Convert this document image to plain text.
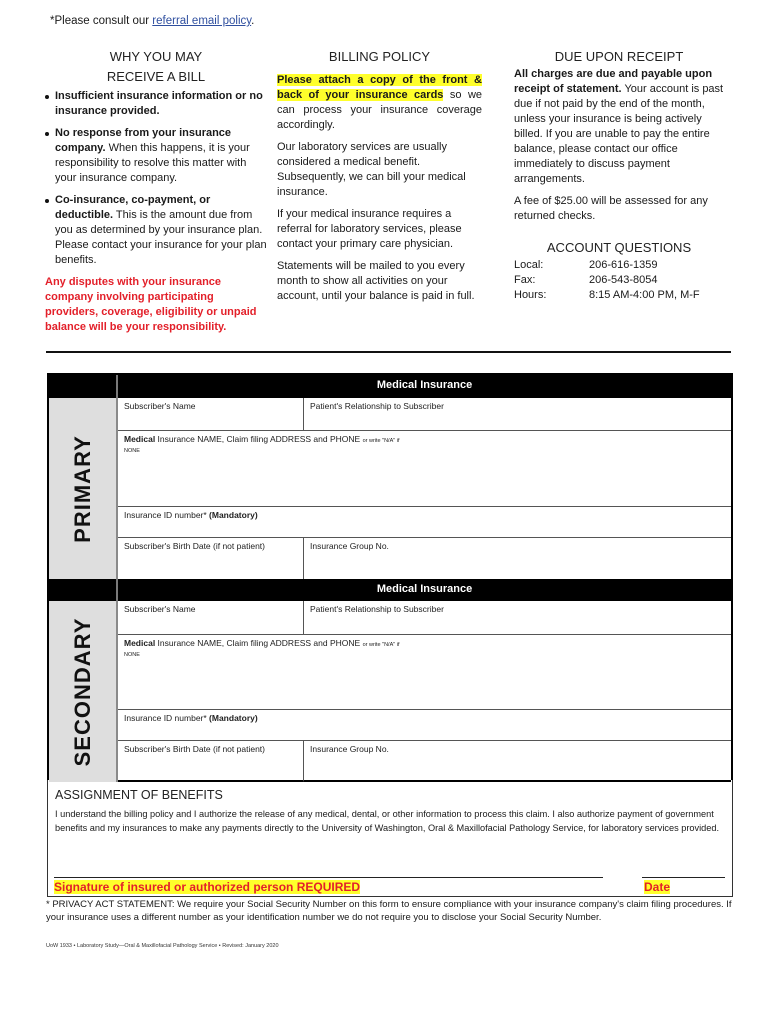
*Please consult our referral email policy.
WHY YOU MAY
RECEIVE A BILL
Insufficient insurance information or no insurance provided.
No response from your insurance company. When this happens, it is your responsibility to resolve this matter with your insurance company.
Co-insurance, co-payment, or deductible. This is the amount due from you as determined by your insurance plan. Please contact your insurance for your plan benefits.
Any disputes with your insurance company involving participating providers, coverage, eligibility or unpaid balance will be your responsibility.
BILLING POLICY

Please attach a copy of the front & back of your insurance cards so we can process your insurance coverage accordingly.

Our laboratory services are usually considered a medical benefit. Subsequently, we can bill your medical insurance.

If your medical insurance requires a referral for laboratory services, please contact your primary care physician.

Statements will be mailed to you every month to show all activities on your account, until your balance is paid in full.

DUE UPON RECEIPT

All charges are due and payable upon receipt of statement. Your account is past due if not paid by the end of the month, unless your insurance is being actively billed. If you are unable to pay the entire balance, please contact our office immediately to discuss payment arrangements.

A fee of $25.00 will be assessed for any returned checks.

ACCOUNT QUESTIONS
Local:	206-616-1359
Fax:	206-543-8054
Hours:	8:15 AM-4:00 PM, M-F
Medical Insurance
PRIMARY
Subscriber's Name	Patient's Relationship to Subscriber
Medical Insurance NAME, Claim filing ADDRESS and PHONE or write "N/A" if
NONE
Insurance ID number* (Mandatory)
Subscriber's Birth Date (if not patient)	Insurance Group No.
Medical Insurance
SECONDARY
Subscriber's Name	Patient's Relationship to Subscriber
Medical Insurance NAME, Claim filing ADDRESS and PHONE or write "N/A" if
NONE
Insurance ID number* (Mandatory)
Subscriber's Birth Date (if not patient)	Insurance Group No.
ASSIGNMENT OF BENEFITS
I understand the billing policy and I authorize the release of any medical, dental, or other information to process this claim. I also authorize payment of government benefits and my insurances to make any payments directly to the University of Washington, Oral & Maxillofacial Pathology Service, for laboratory services provided.
Signature of insured or authorized person REQUIRED	Date
* PRIVACY ACT STATEMENT: We require your Social Security Number on this form to ensure compliance with your insurance company's claim filing procedures. If your insurance uses a different number as your identification number we do not require you to disclose your Social Security Number.
UoW 1933 • Laboratory Study—Oral & Maxillofacial Pathology Service • Revised: January 2020
